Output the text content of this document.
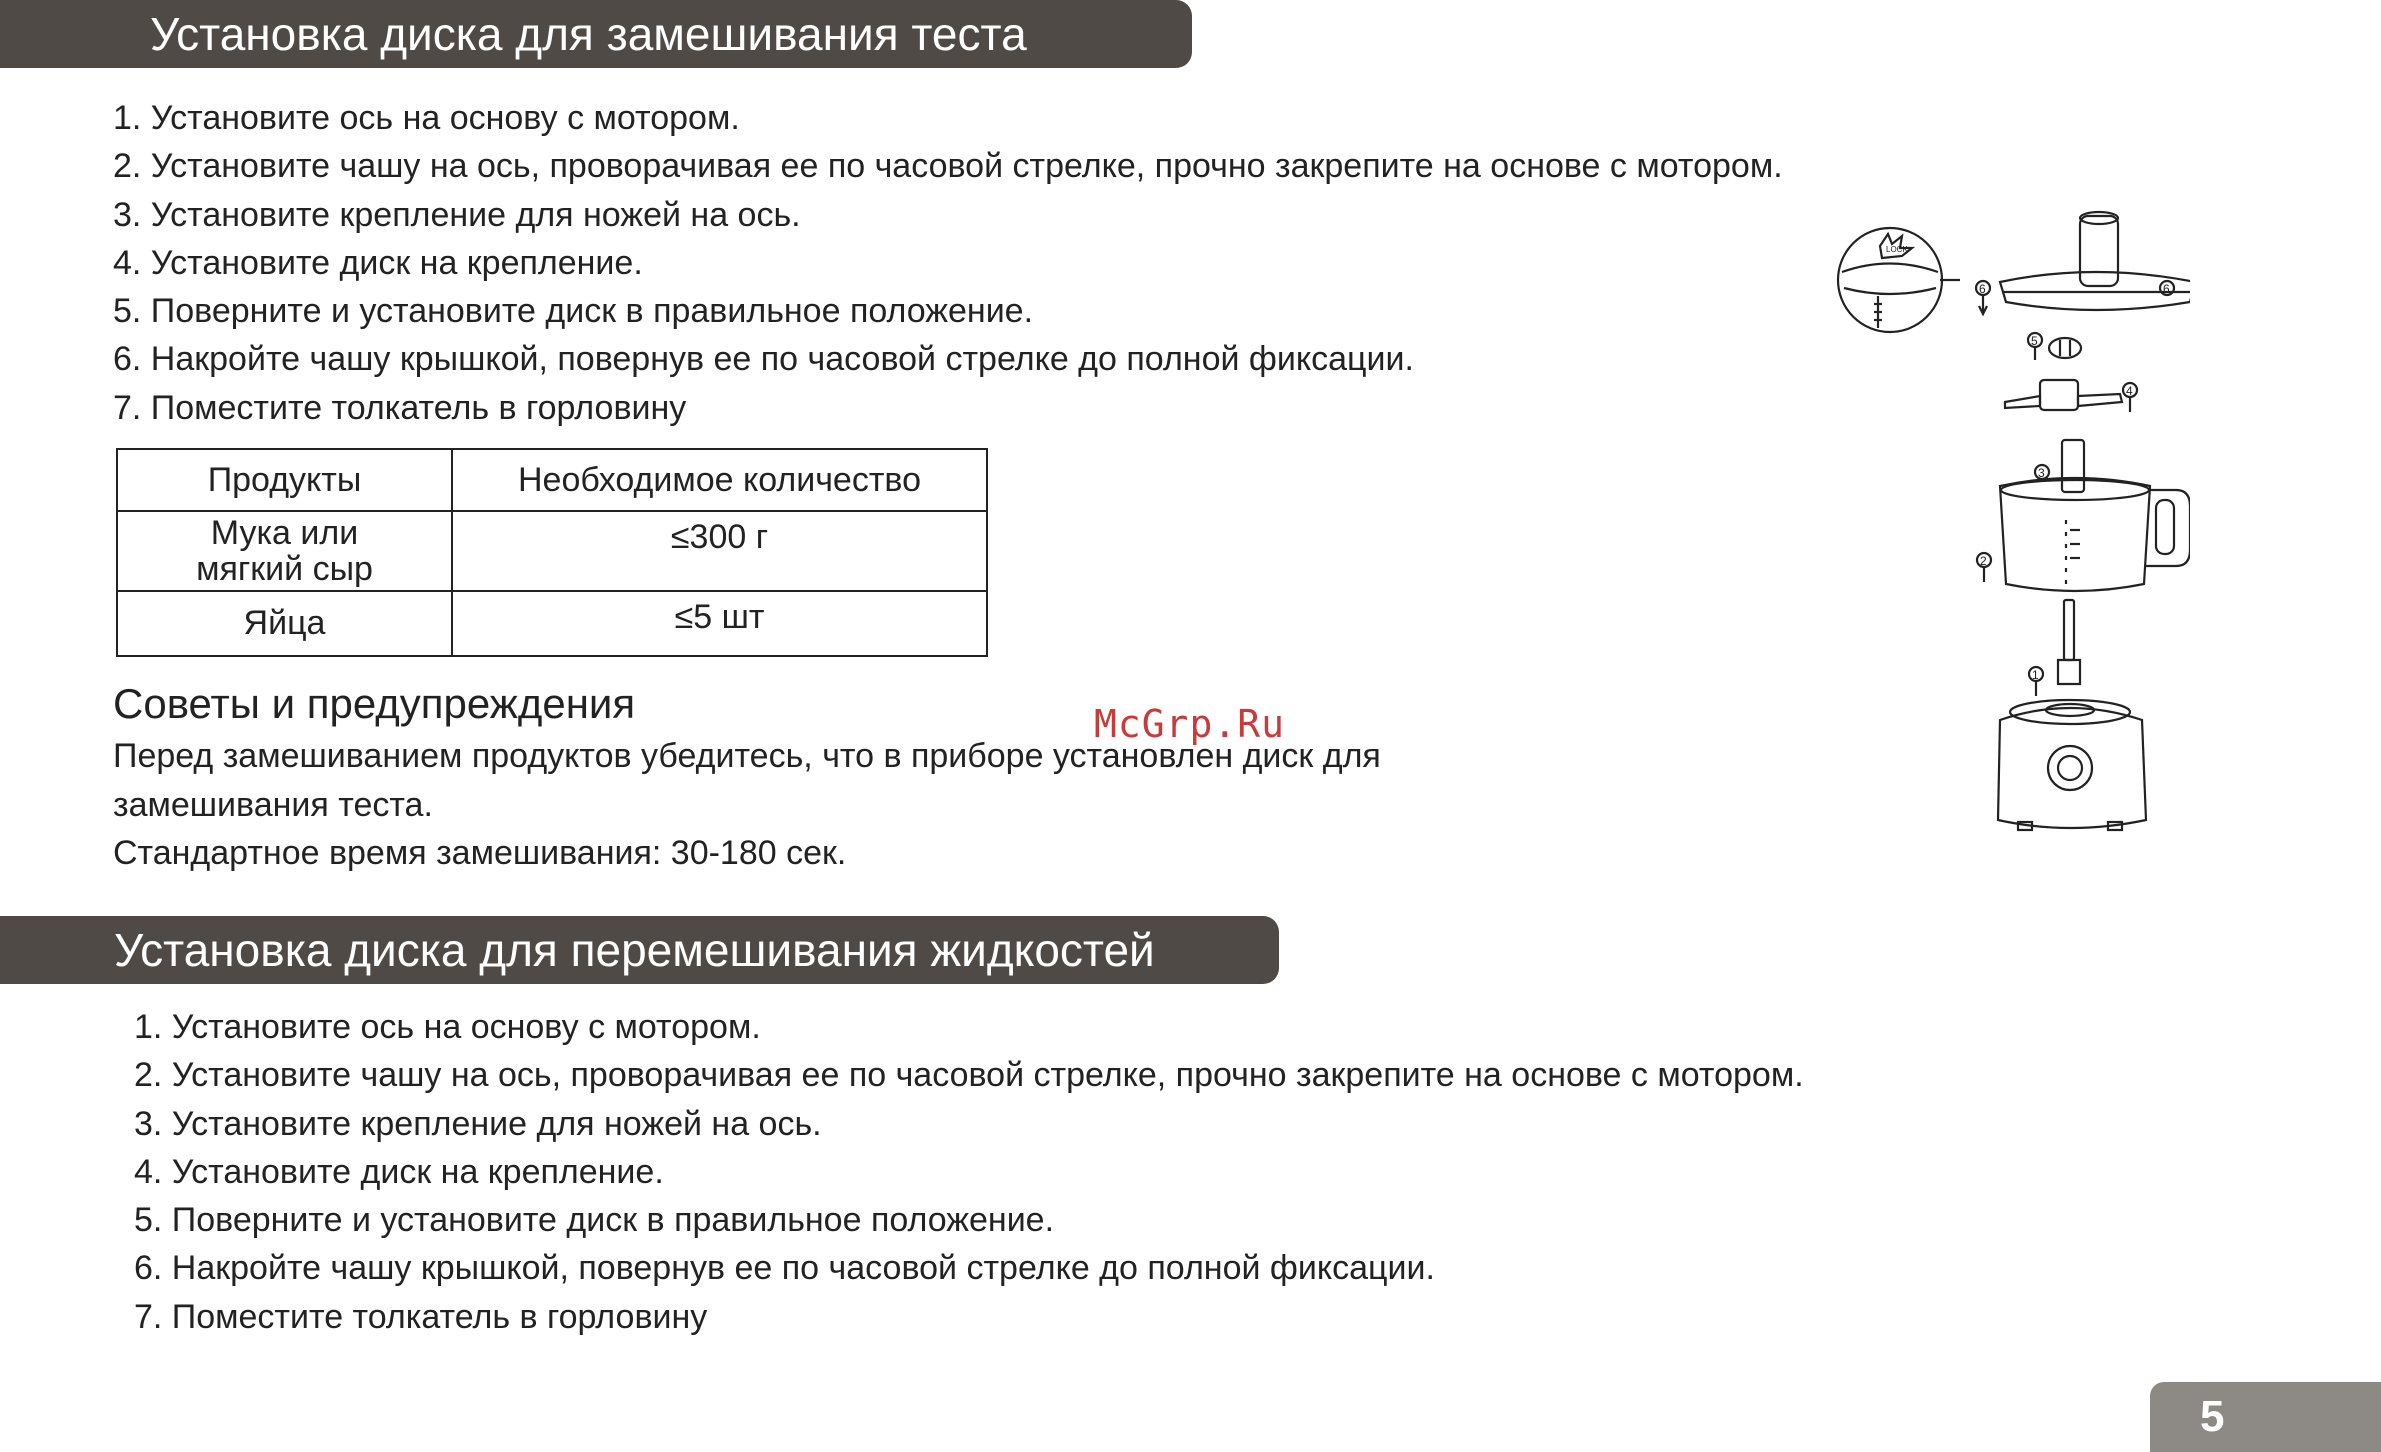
Установка диска для замешивания теста
1. Установите ось на основу с мотором.
2. Установите чашу на ось, проворачивая ее по часовой стрелке, прочно закрепите на основе с мотором.
3. Установите крепление для ножей на ось.
4. Установите диск на крепление.
5. Поверните и установите диск в правильное положение.
6. Накройте чашу крышкой, повернув ее по часовой стрелке до полной фиксации.
7. Поместите толкатель в горловину
Продукты	Необходимое количество

Мука или
мягкий сыр	≤300 г
Яйца	≤5 шт
Советы и предупреждения

Перед замешиванием продуктов убедитесь, что в приборе установлен диск для

замешивания теста.

Стандартное время замешивания: 30-180 сек.

McGrp.Ru
LOCK
6	6
5
4
3
2
1
Установка диска для перемешивания жидкостей
1. Установите ось на основу с мотором.
2. Установите чашу на ось, проворачивая ее по часовой стрелке, прочно закрепите на основе с мотором.
3. Установите крепление для ножей на ось.
4. Установите диск на крепление.
5. Поверните и установите диск в правильное положение.
6. Накройте чашу крышкой, повернув ее по часовой стрелке до полной фиксации.
7. Поместите толкатель в горловину
5
